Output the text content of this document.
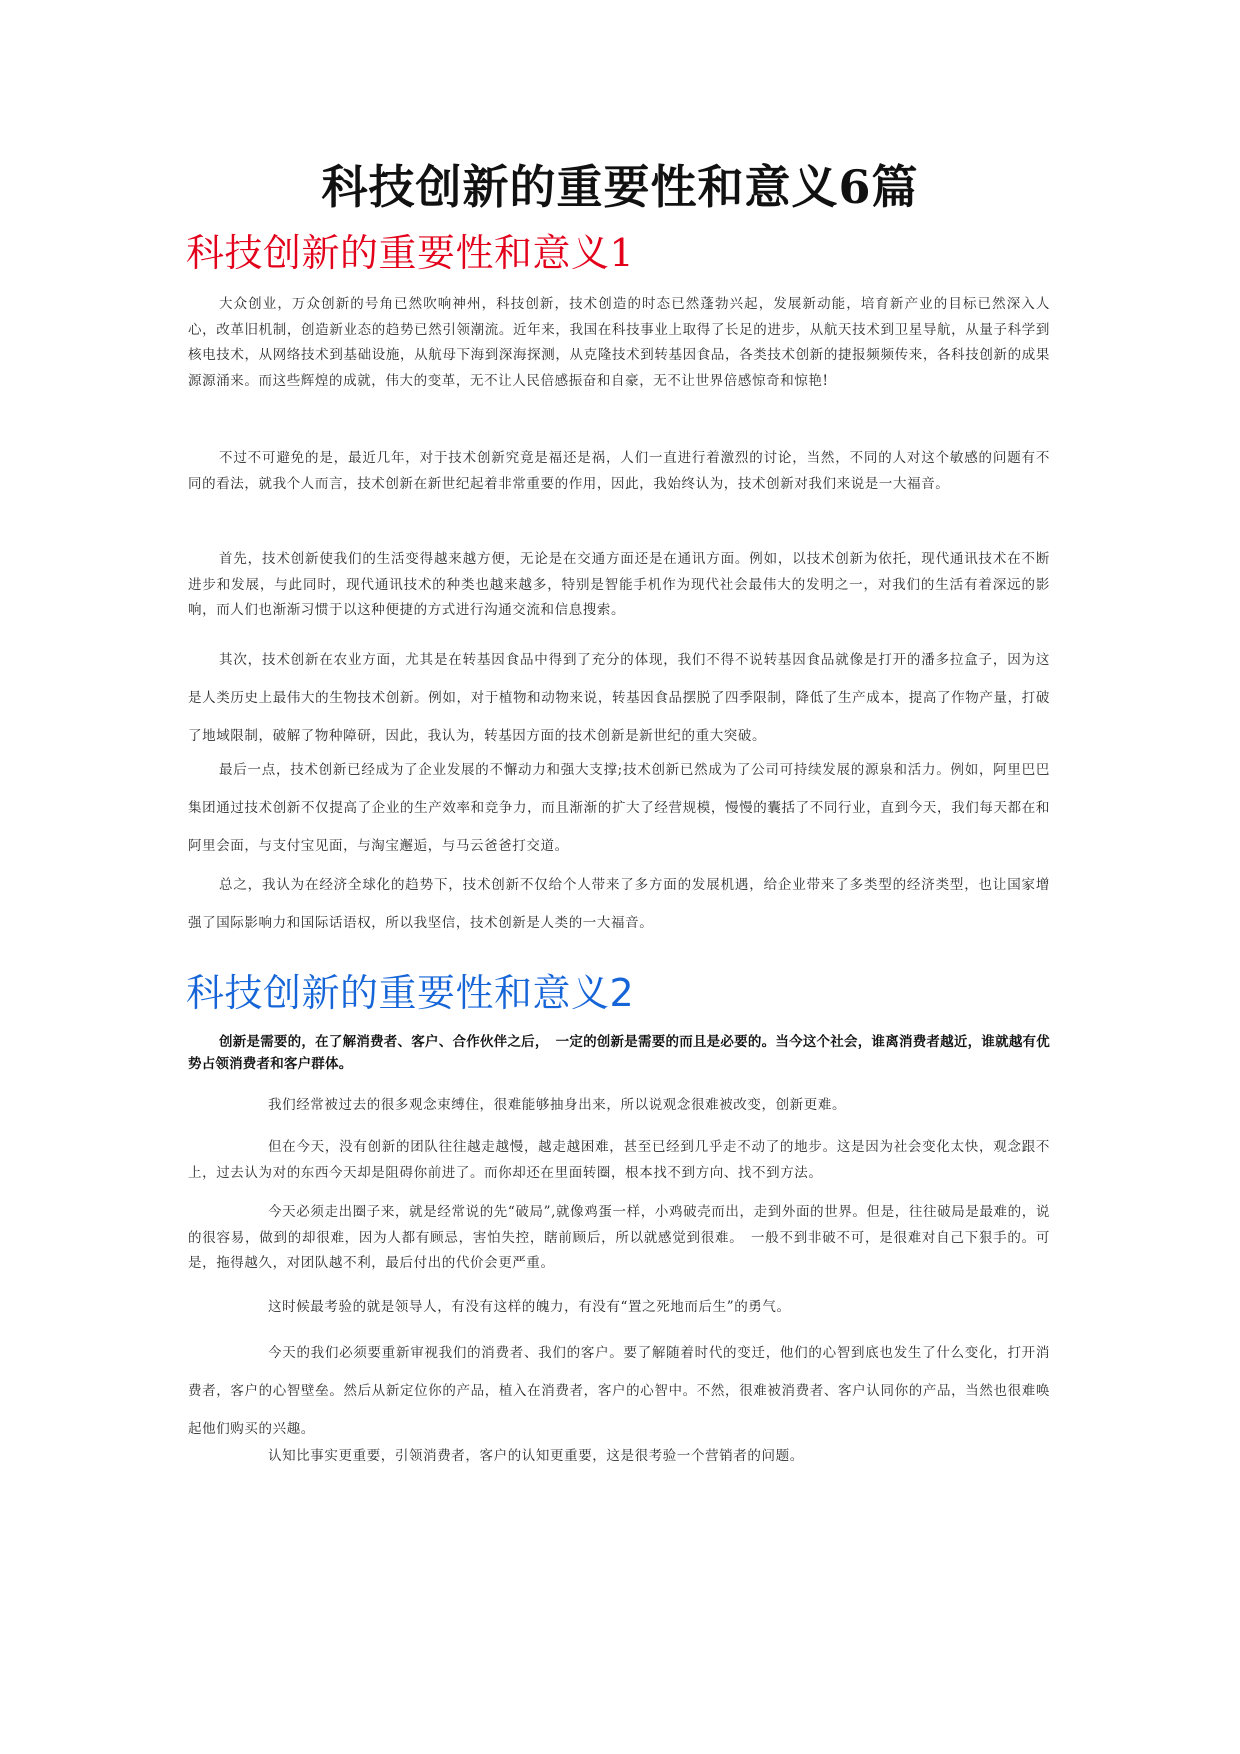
科技创新的重要性和意义6篇
科技创新的重要性和意义1

大众创业，万众创新的号角已然吹响神州，科技创新，技术创造的时态已然蓬勃兴起，发展新动能，培育新产业的目标已然深入人心，改革旧机制，创造新业态的趋势已然引领潮流。近年来，我国在科技事业上取得了长足的进步，从航天技术到卫星导航，从量子科学到核电技术，从网络技术到基础设施，从航母下海到深海探测，从克隆技术到转基因食品，各类技术创新的捷报频频传来，各科技创新的成果源源涌来。而这些辉煌的成就，伟大的变革，无不让人民倍感振奋和自豪，无不让世界倍感惊奇和惊艳!

不过不可避免的是，最近几年，对于技术创新究竟是福还是祸，人们一直进行着激烈的讨论，当然，不同的人对这个敏感的问题有不同的看法，就我个人而言，技术创新在新世纪起着非常重要的作用，因此，我始终认为，技术创新对我们来说是一大福音。

首先，技术创新使我们的生活变得越来越方便，无论是在交通方面还是在通讯方面。例如，以技术创新为依托，现代通讯技术在不断进步和发展，与此同时，现代通讯技术的种类也越来越多，特别是智能手机作为现代社会最伟大的发明之一，对我们的生活有着深远的影响，而人们也渐渐习惯于以这种便捷的方式进行沟通交流和信息搜索。

其次，技术创新在农业方面，尤其是在转基因食品中得到了充分的体现，我们不得不说转基因食品就像是打开的潘多拉盒子，因为这是人类历史上最伟大的生物技术创新。例如，对于植物和动物来说，转基因食品摆脱了四季限制，降低了生产成本，提高了作物产量，打破了地域限制，破解了物种障研，因此，我认为，转基因方面的技术创新是新世纪的重大突破。

最后一点，技术创新已经成为了企业发展的不懈动力和强大支撑;技术创新已然成为了公司可持续发展的源泉和活力。例如，阿里巴巴集团通过技术创新不仅提高了企业的生产效率和竞争力，而且渐渐的扩大了经营规模，慢慢的囊括了不同行业，直到今天，我们每天都在和阿里会面，与支付宝见面，与淘宝邂逅，与马云爸爸打交道。

总之，我认为在经济全球化的趋势下，技术创新不仅给个人带来了多方面的发展机遇，给企业带来了多类型的经济类型，也让国家增强了国际影响力和国际话语权，所以我坚信，技术创新是人类的一大福音。

科技创新的重要性和意义2

创新是需要的，在了解消费者、客户、合作伙伴之后，　一定的创新是需要的而且是必要的。当今这个社会，谁离消费者越近，谁就越有优势占领消费者和客户群体。

我们经常被过去的很多观念束缚住，很难能够抽身出来，所以说观念很难被改变，创新更难。

但在今天，没有创新的团队往往越走越慢，越走越困难，甚至已经到几乎走不动了的地步。这是因为社会变化太快，观念跟不上，过去认为对的东西今天却是阻碍你前进了。而你却还在里面转圈，根本找不到方向、找不到方法。

今天必须走出圈子来，就是经常说的先“破局”,就像鸡蛋一样，小鸡破壳而出，走到外面的世界。但是，往往破局是最难的，说的很容易，做到的却很难，因为人都有顾忌，害怕失控，瞎前顾后，所以就感觉到很难。　一般不到非破不可，是很难对自己下狠手的。可是，拖得越久，对团队越不利，最后付出的代价会更严重。

这时候最考验的就是领导人，有没有这样的魄力，有没有“置之死地而后生”的勇气。

今天的我们必须要重新审视我们的消费者、我们的客户。要了解随着时代的变迁，他们的心智到底也发生了什么变化，打开消费者，客户的心智壁垒。然后从新定位你的产品，植入在消费者，客户的心智中。不然，很难被消费者、客户认同你的产品，当然也很难唤起他们购买的兴趣。

认知比事实更重要，引领消费者，客户的认知更重要，这是很考验一个营销者的问题。
